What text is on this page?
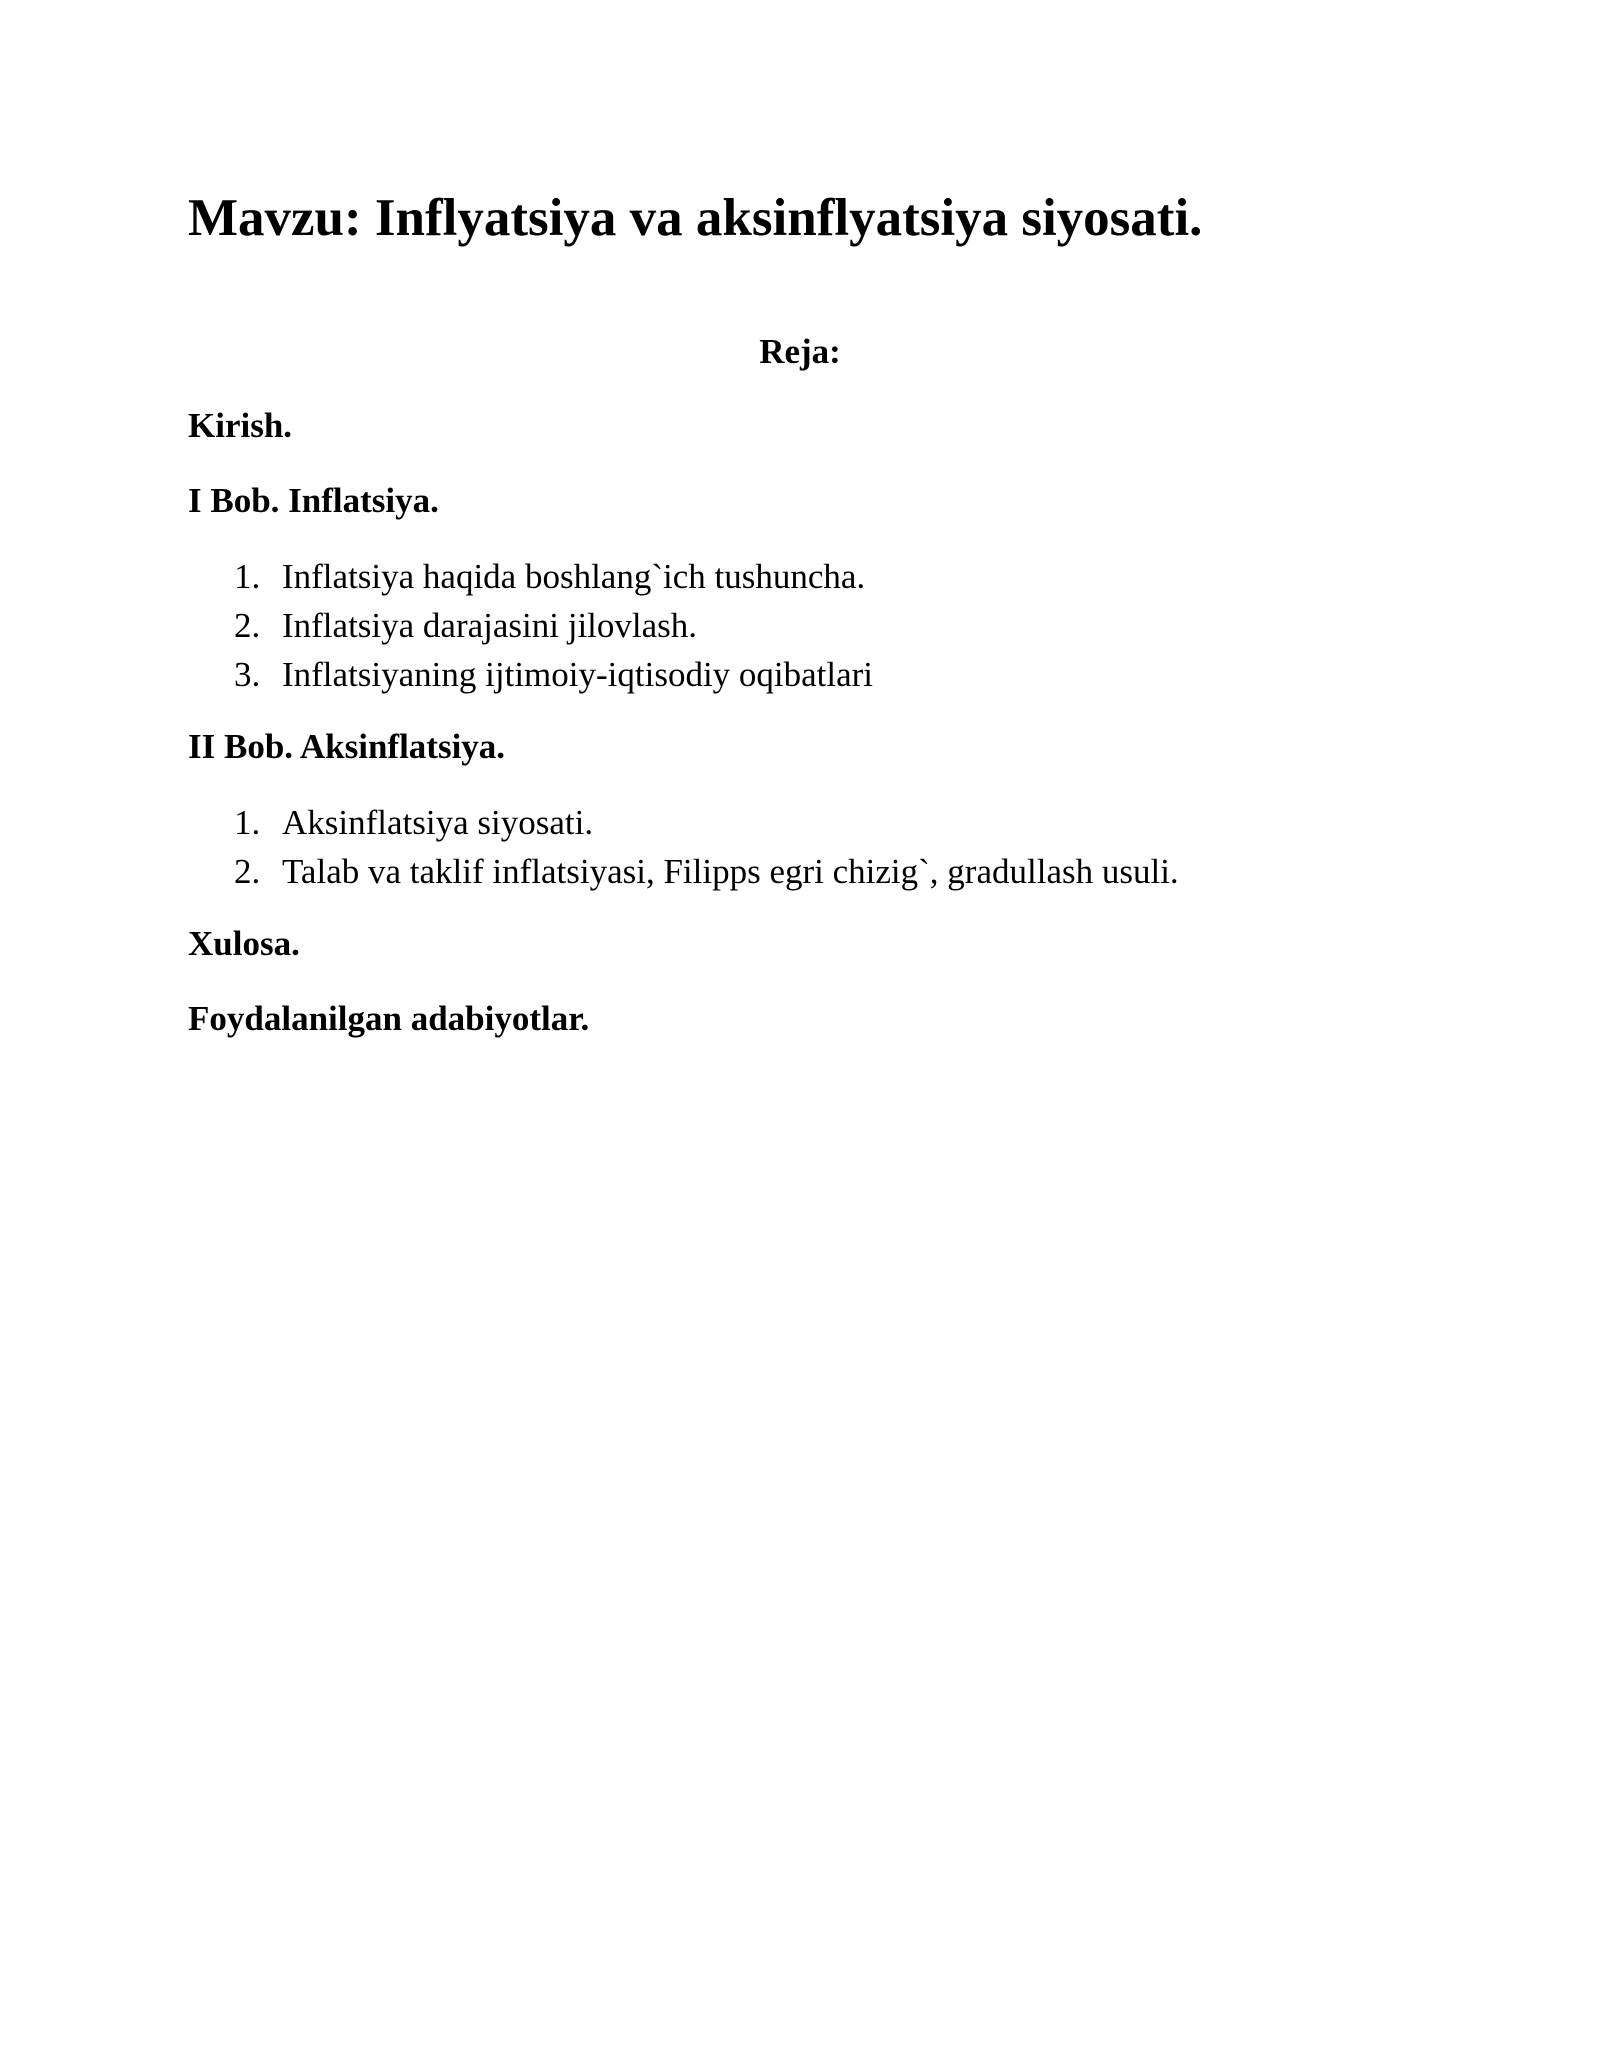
Mavzu: Inflyatsiya va aksinflyatsiya siyosati.

Reja:

Kirish.

I Bob. Inflatsiya.

1. Inflatsiya haqida boshlang`ich tushuncha.
2. Inflatsiya darajasini jilovlash.
3. Inflatsiyaning ijtimoiy-iqtisodiy oqibatlari

II Bob. Aksinflatsiya.

1. Aksinflatsiya siyosati.
2. Talab va taklif inflatsiyasi, Filipps egri chizig`, gradullash usuli.

Xulosa.

Foydalanilgan adabiyotlar.
